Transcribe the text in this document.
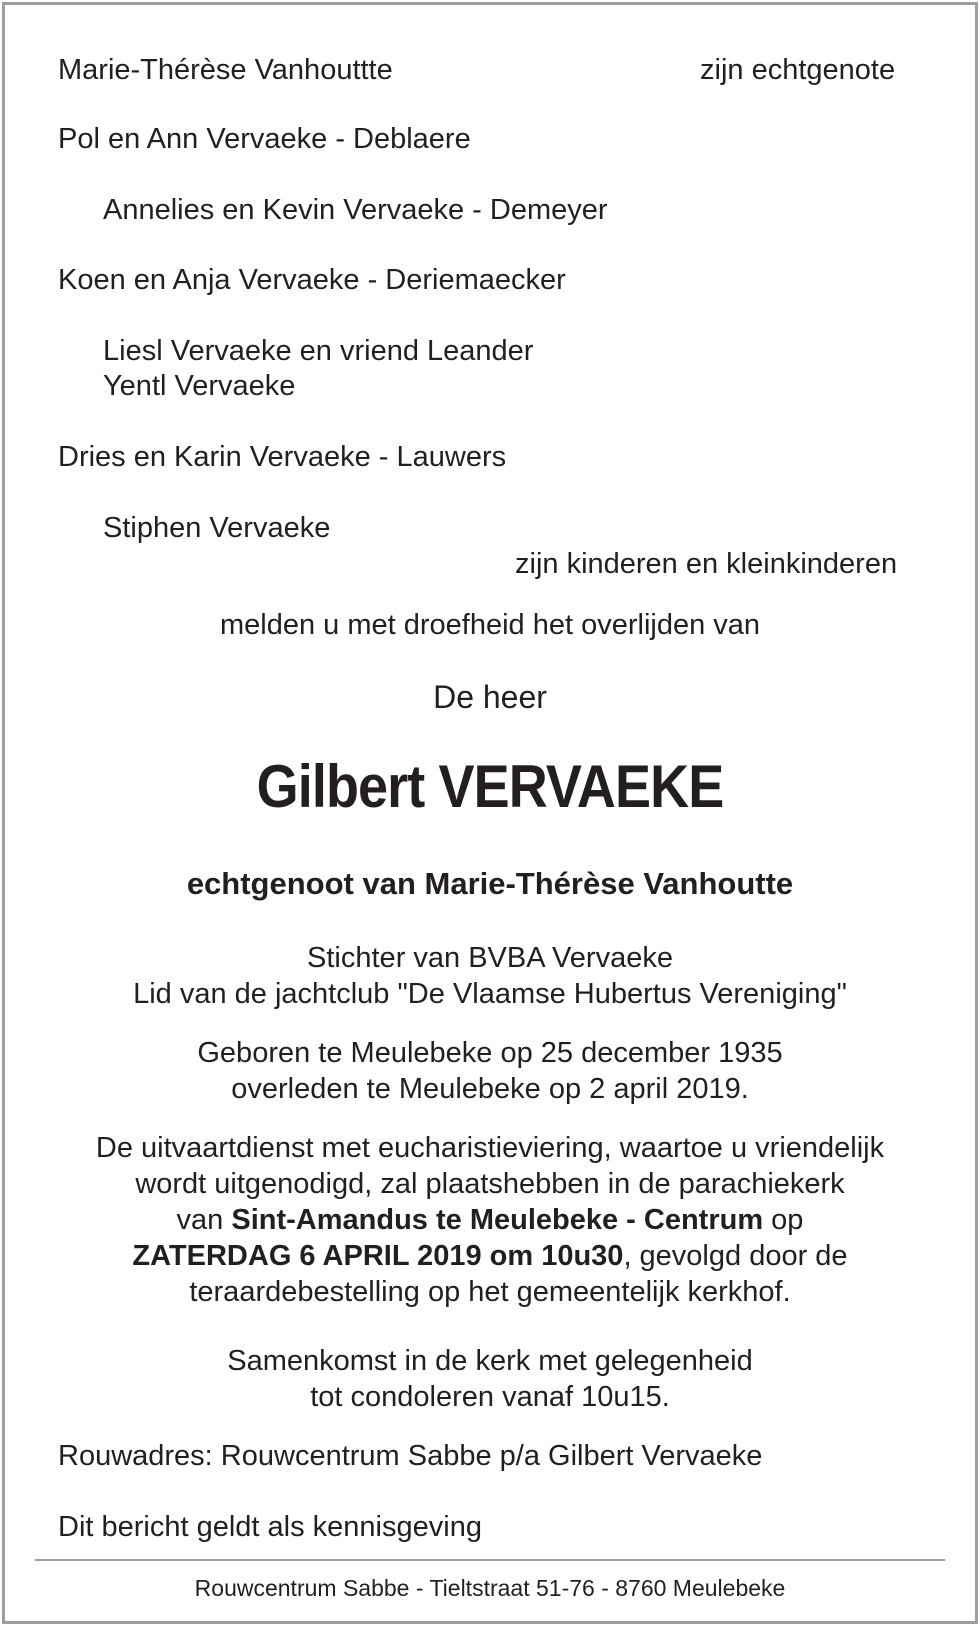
Marie-Thérèse Vanhouttte	zijn echtgenote
Pol en Ann Vervaeke - Deblaere
Annelies en Kevin Vervaeke - Demeyer
Koen en Anja Vervaeke - Deriemaecker
Liesl Vervaeke en vriend Leander
Yentl Vervaeke
Dries en Karin Vervaeke - Lauwers
Stiphen Vervaeke
zijn kinderen en kleinkinderen
melden u met droefheid het overlijden van
De heer
Gilbert VERVAEKE
echtgenoot van Marie-Thérèse Vanhoutte
Stichter van BVBA Vervaeke
Lid van de jachtclub "De Vlaamse Hubertus Vereniging"
Geboren te Meulebeke op 25 december 1935
overleden te Meulebeke op 2 april 2019.
De uitvaartdienst met eucharistieviering, waartoe u vriendelijk
wordt uitgenodigd, zal plaatshebben in de parachiekerk
van Sint-Amandus te Meulebeke - Centrum op
ZATERDAG 6 APRIL 2019 om 10u30, gevolgd door de
teraardebestelling op het gemeentelijk kerkhof.
Samenkomst in de kerk met gelegenheid
tot condoleren vanaf 10u15.
Rouwadres: Rouwcentrum Sabbe p/a Gilbert Vervaeke
Dit bericht geldt als kennisgeving
Rouwcentrum Sabbe - Tieltstraat 51-76 - 8760 Meulebeke
